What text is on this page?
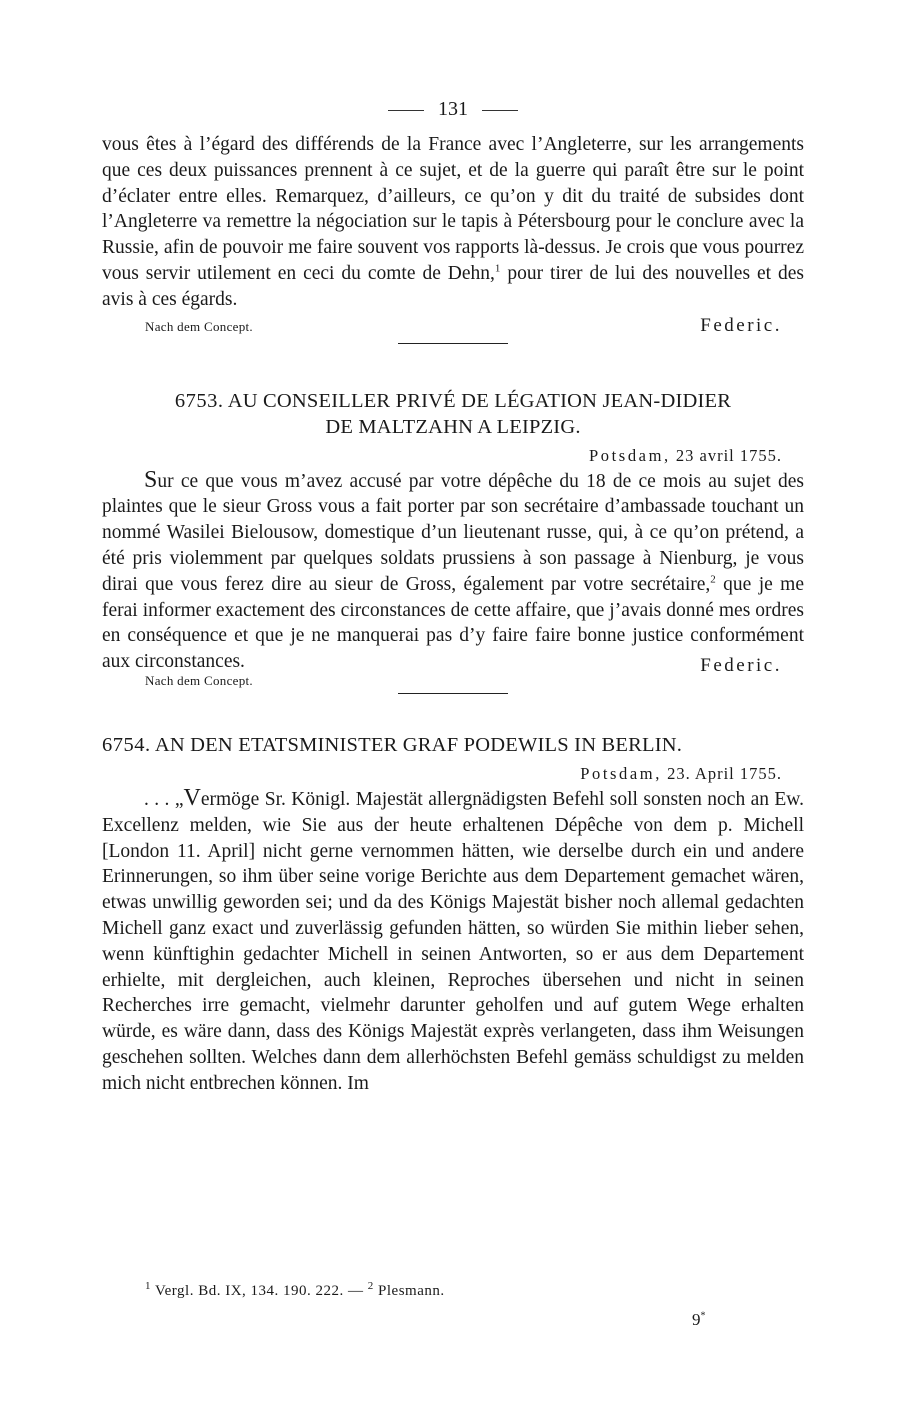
131

vous êtes à l’égard des différends de la France avec l’Angleterre, sur les arrangements que ces deux puissances prennent à ce sujet, et de la guerre qui paraît être sur le point d’éclater entre elles. Remarquez, d’ailleurs, ce qu’on y dit du traité de subsides dont l’Angleterre va remettre la négociation sur le tapis à Pétersbourg pour le conclure avec la Russie, afin de pouvoir me faire souvent vos rapports là-dessus. Je crois que vous pourrez vous servir utilement en ceci du comte de Dehn,$^1$ pour tirer de lui des nouvelles et des avis à ces égards.

Nach dem Concept.	Federic.

6753. AU CONSEILLER PRIVÉ DE LÉGATION JEAN-DIDIER

DE MALTZAHN A LEIPZIG.

Potsdam, 23 avril 1755.

Sur ce que vous m’avez accusé par votre dépêche du 18 de ce mois au sujet des plaintes que le sieur Gross vous a fait porter par son secrétaire d’ambassade touchant un nommé Wasilei Bielousow, domestique d’un lieutenant russe, qui, à ce qu’on prétend, a été pris violemment par quelques soldats prussiens à son passage à Nienburg, je vous dirai que vous ferez dire au sieur de Gross, également par votre secrétaire,$^2$ que je me ferai informer exactement des circonstances de cette affaire, que j’avais donné mes ordres en conséquence et que je ne manquerai pas d’y faire faire bonne justice conformément aux circonstances.

Nach dem Concept.
Federic.

6754. AN DEN ETATSMINISTER GRAF PODEWILS IN BERLIN.

Potsdam, 23. April 1755.

. . . „Vermöge Sr. Königl. Majestät allergnädigsten Befehl soll sonsten noch an Ew. Excellenz melden, wie Sie aus der heute erhaltenen Dépêche von dem p. Michell [London 11. April] nicht gerne vernommen hätten, wie derselbe durch ein und andere Erinnerungen, so ihm über seine vorige Berichte aus dem Departement gemachet wären, etwas unwillig geworden sei; und da des Königs Majestät bisher noch allemal gedachten Michell ganz exact und zuverlässig gefunden hätten, so würden Sie mithin lieber sehen, wenn künftighin gedachter Michell in seinen Antworten, so er aus dem Departement erhielte, mit dergleichen, auch kleinen, Reproches übersehen und nicht in seinen Recherches irre gemacht, vielmehr darunter geholfen und auf gutem Wege erhalten würde, es wäre dann, dass des Königs Majestät exprès verlangeten, dass ihm Weisungen geschehen sollten. Welches dann dem allerhöchsten Befehl gemäss schuldigst zu melden mich nicht entbrechen können. Im

$^1$ Vergl. Bd. IX, 134. 190. 222. — $^2$ Plesmann.
9*
